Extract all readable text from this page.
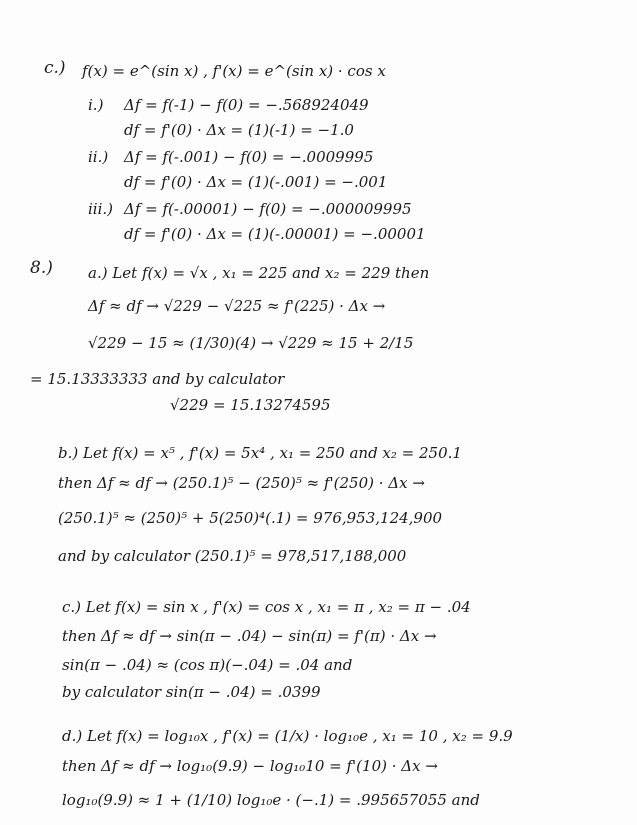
c.) f(x) = e^(sin x) , f'(x) = e^(sin x) · cos x
i.) Δf = f(-1) − f(0) = −.568924049
df = f'(0) · Δx = (1)(-1) = −1.0
ii.) Δf = f(-.001) − f(0) = −.0009995
df = f'(0) · Δx = (1)(-.001) = −.001
iii.) Δf = f(-.00001) − f(0) = −.000009995
df = f'(0) · Δx = (1)(-.00001) = −.00001
8.) a.) Let f(x) = √x , x₁ = 225 and x₂ = 229 then
Δf ≈ df → √229 − √225 ≈ f'(225) · Δx →
√229 − 15 ≈ (1/30)(4) → √229 ≈ 15 + 2/15
= 15.13333333 and by calculator
√229 = 15.13274595
b.) Let f(x) = x⁵ , f'(x) = 5x⁴ , x₁ = 250 and x₂ = 250.1
then Δf ≈ df → (250.1)⁵ − (250)⁵ ≈ f'(250) · Δx →
(250.1)⁵ ≈ (250)⁵ + 5(250)⁴(.1) = 976,953,124,900
and by calculator (250.1)⁵ = 978,517,188,000
c.) Let f(x) = sin x , f'(x) = cos x , x₁ = π , x₂ = π − .04
then Δf ≈ df → sin(π − .04) − sin(π) = f'(π) · Δx →
sin(π − .04) ≈ (cos π)(−.04) = .04 and
by calculator sin(π − .04) = .0399
d.) Let f(x) = log₁₀x , f'(x) = (1/x) · log₁₀e , x₁ = 10 , x₂ = 9.9
then Δf ≈ df → log₁₀(9.9) − log₁₀10 = f'(10) · Δx →
log₁₀(9.9) ≈ 1 + (1/10) log₁₀e · (−.1) = .995657055 and
